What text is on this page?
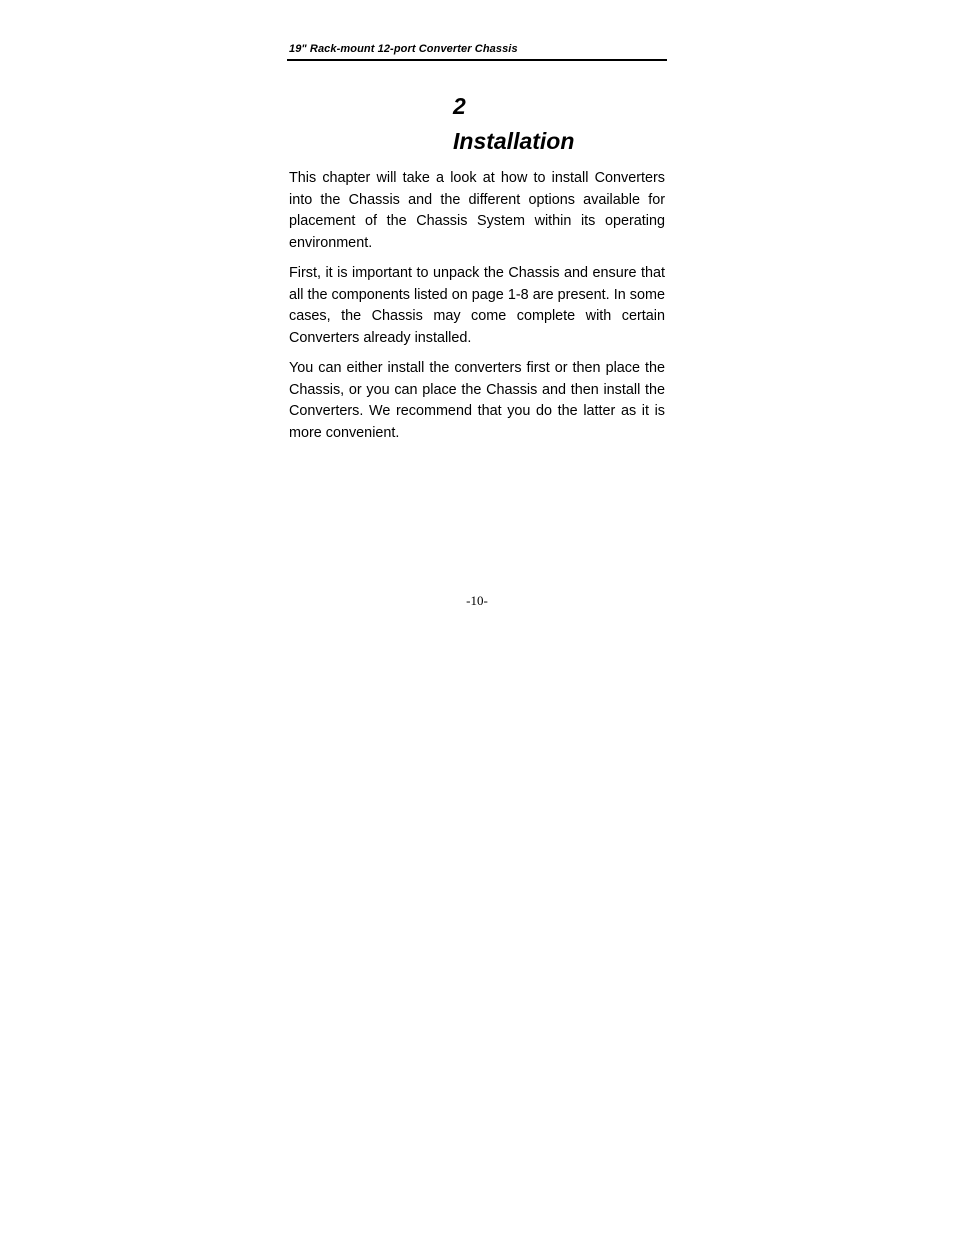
19" Rack-mount 12-port Converter Chassis
2
Installation

This chapter will take a look at how to install Converters into the Chassis and the different options available for placement of the Chassis System within its operating environment.

First, it is important to unpack the Chassis and ensure that all the components listed on page 1-8 are present. In some cases, the Chassis may come complete with certain Converters already installed.

You can either install the converters first or then place the Chassis, or you can place the Chassis and then install the Converters. We recommend that you do the latter as it is more convenient.

-10-
